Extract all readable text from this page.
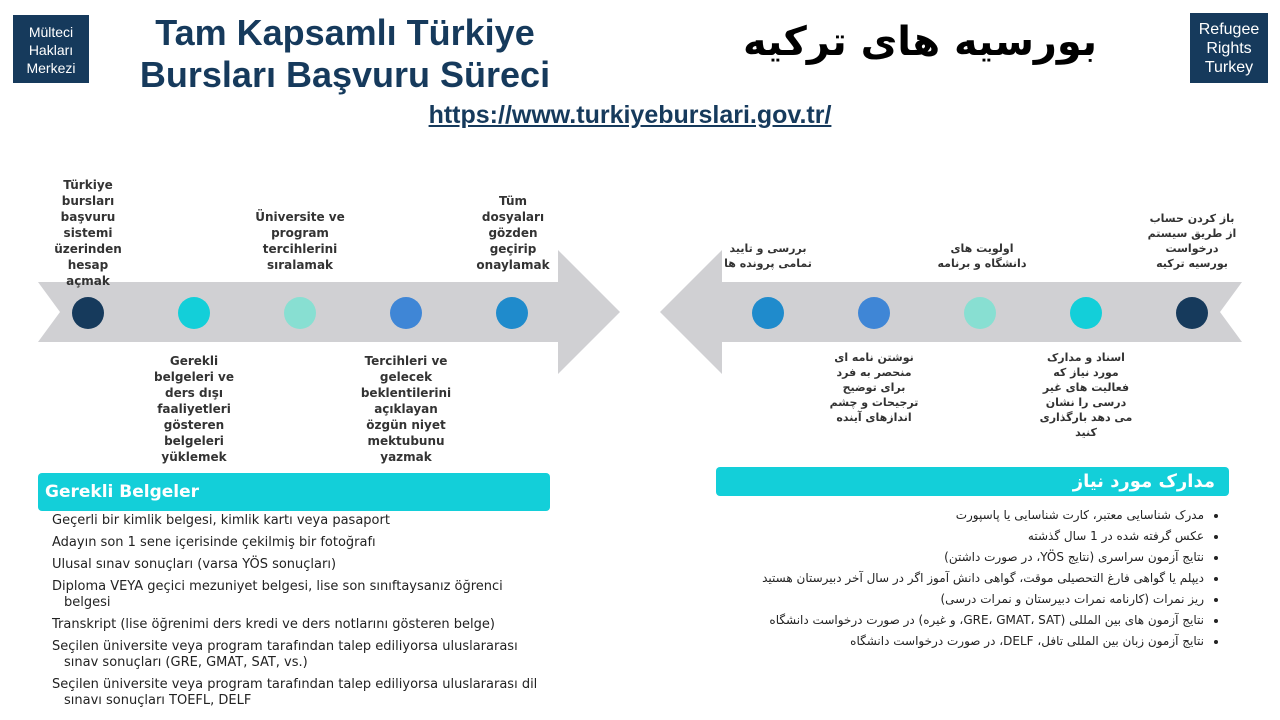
Mülteci
Hakları
Merkezi
Refugee
Rights
Turkey
Tam Kapsamlı Türkiye
Bursları Başvuru Süreci
بورسیه های ترکیه
https://www.turkiyeburslari.gov.tr/
Türkiye bursları başvuru sistemi üzerinden hesap açmak
Gerekli belgeleri ve ders dışı faaliyetleri gösteren belgeleri yüklemek
Üniversite ve program tercihlerini sıralamak
Tercihleri ve gelecek beklentilerini açıklayan özgün niyet mektubunu yazmak
Tüm dosyaları gözden geçirip onaylamak
باز کردن حساب از طریق سیستم درخواست بورسیه ترکیه
اسناد و مدارک مورد نیاز که فعالیت های غیر درسی را نشان می دهد بارگذاری کنید
اولویت های دانشگاه و برنامه
نوشتن نامه ای منحصر به فرد برای توضیح ترجیحات و چشم اندازهای آینده
بررسی و تایید تمامی پرونده ها
Gerekli Belgeler
Geçerli bir kimlik belgesi, kimlik kartı veya pasaport
Adayın son 1 sene içerisinde çekilmiş bir fotoğrafı
Ulusal sınav sonuçları (varsa YÖS sonuçları)
Diploma VEYA geçici mezuniyet belgesi, lise son sınıftaysanız öğrenci belgesi
Transkript (lise öğrenimi ders kredi ve ders notlarını gösteren belge)
Seçilen üniversite veya program tarafından talep ediliyorsa uluslararası sınav sonuçları (GRE, GMAT, SAT, vs.)
Seçilen üniversite veya program tarafından talep ediliyorsa uluslararası dil sınavı sonuçları TOEFL, DELF
مدارک مورد نیاز
• مدرک شناسایی معتبر، کارت شناسایی یا پاسپورت
• عکس گرفته شده در 1 سال گذشته
• نتایج آزمون سراسری (نتایج YÖS، در صورت داشتن)
• دیپلم یا گواهی فارغ التحصیلی موقت، گواهی دانش آموز اگر در سال آخر دبیرستان هستید
• ریز نمرات (کارنامه نمرات دبیرستان و نمرات درسی)
• نتایج آزمون های بین المللی (GRE، GMAT، SAT، و غیره) در صورت درخواست دانشگاه
• نتایج آزمون زبان بین المللی تافل، DELF، در صورت درخواست دانشگاه
